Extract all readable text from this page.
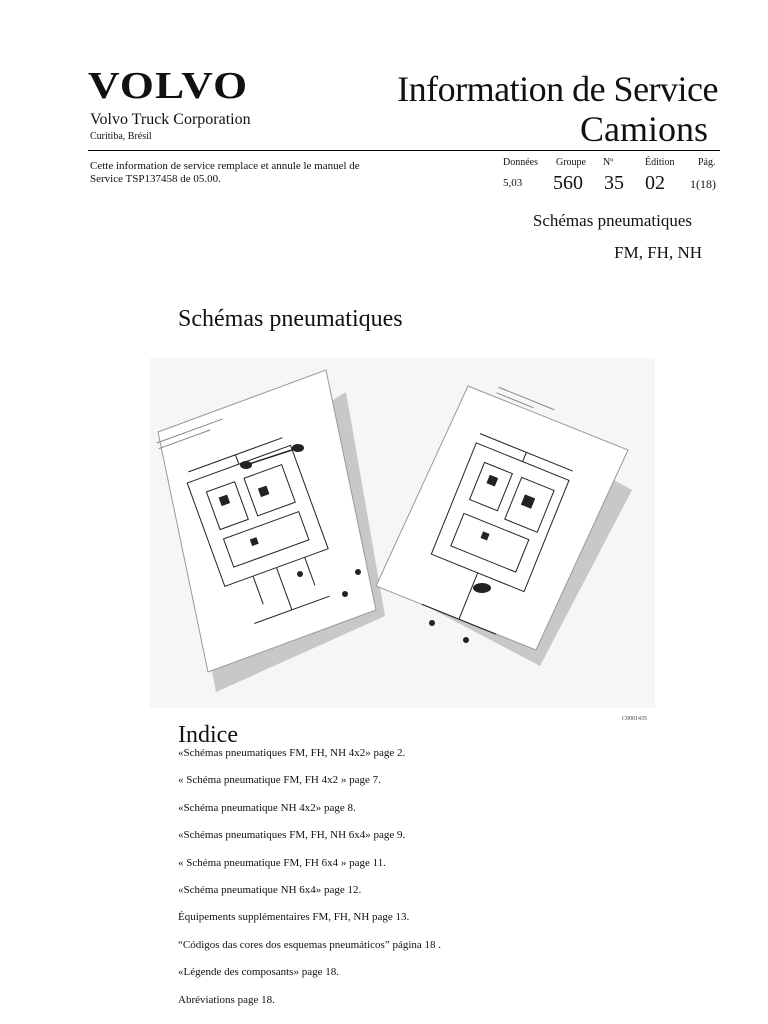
VOLVO
Volvo Truck Corporation
Curitiba, Brésil
Information de Service
Camions
Cette information de service remplace et annule le manuel de Service TSP137458 de 05.00.
Données Groupe Nº	Édition Pág.
5,03 560 35 02 1(18)
Schémas pneumatiques
FM, FH, NH
Schémas pneumatiques
C0001435
Indice
«Schémas pneumatiques FM, FH, NH 4x2» page 2.
« Schéma pneumatique FM, FH 4x2 » page 7.
«Schéma pneumatique NH 4x2» page 8.
«Schémas pneumatiques FM, FH, NH 6x4» page 9.
« Schéma pneumatique FM, FH 6x4 » page 11.
«Schéma pneumatique NH 6x4» page 12.
Équipements supplémentaires FM, FH, NH page 13.
“Códigos das cores dos esquemas pneumáticos” página 18 .
«Légende des composants» page 18.
Abréviations page 18.
